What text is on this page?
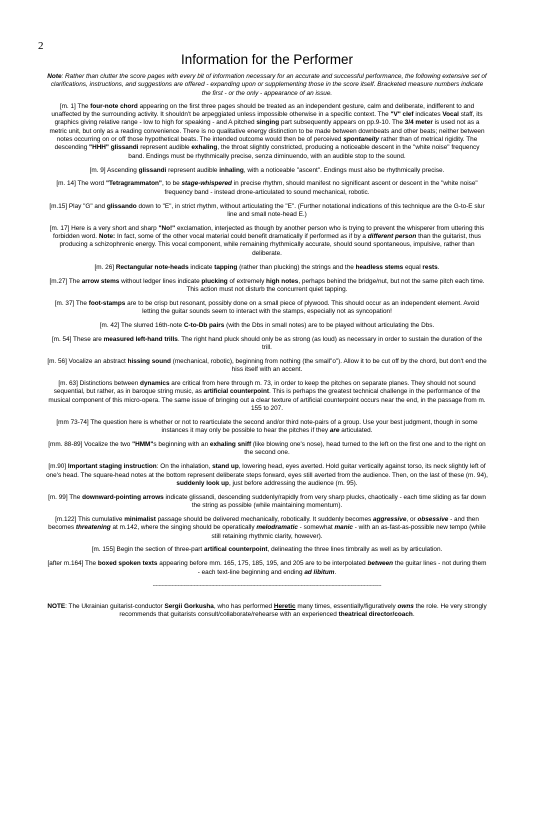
2
Information for the Performer

Note: Rather than clutter the score pages with every bit of information necessary for an accurate and successful performance, the following extensive set of clarifications, instructions, and suggestions are offered - expanding upon or supplementing those in the score itself. Bracketed measure numbers indicate the first - or the only - appearance of an issue.

[m. 1] The four-note chord appearing on the first three pages should be treated as an independent gesture, calm and deliberate, indifferent to and unaffected by the surrounding activity. It shouldn't be arpeggiated unless impossible otherwise in a specific context. The "V" clef indicates Vocal staff, its graphics giving relative range - low to high for speaking - and A pitched singing part subsequently appears on pp.9-10. The 3/4 meter is used not as a metric unit, but only as a reading convenience. There is no qualitative energy distinction to be made between downbeats and other beats; neither between notes occurring on or off those hypothetical beats. The intended outcome would then be of perceived spontaneity rather than of metrical rigidity. The descending "HHH" glissandi represent audible exhaling, the throat slightly constricted, producing a noticeable descent in the "white noise" frequency band. Endings must be rhythmically precise, senza diminuendo, with an audible stop to the sound.

[m. 9] Ascending glissandi represent audible inhaling, with a noticeable "ascent". Endings must also be rhythmically precise.

[m. 14] The word "Tetragrammaton", to be stage-whispered in precise rhythm, should manifest no significant ascent or descent in the "white noise" frequency band - instead drone-articulated to sound mechanical, robotic.

[m.15] Play "G" and glissando down to "E", in strict rhythm, without articulating the "E". (Further notational indications of this technique are the G-to-E slur line and small note-head E.)

[m. 17] Here is a very short and sharp "No!" exclamation, interjected as though by another person who is trying to prevent the whisperer from uttering this forbidden word. Note: In fact, some of the other vocal material could benefit dramatically if performed as if by a different person than the guitarist, thus producing a schizophrenic energy. This vocal component, while remaining rhythmically accurate, should sound spontaneous, impulsive, rather than deliberate.

[m. 26] Rectangular note-heads indicate tapping (rather than plucking) the strings and the headless stems equal rests.

[m.27] The arrow stems without ledger lines indicate plucking of extremely high notes, perhaps behind the bridge/nut, but not the same pitch each time. This action must not disturb the concurrent quiet tapping.

[m. 37] The foot-stamps are to be crisp but resonant, possibly done on a small piece of plywood. This should occur as an independent element. Avoid letting the guitar sounds seem to interact with the stamps, especially not as syncopation!

[m. 42] The slurred 16th-note C-to-Db pairs (with the Dbs in small notes) are to be played without articulating the Dbs.

[m. 54] These are measured left-hand trills. The right hand pluck should only be as strong (as loud) as necessary in order to sustain the duration of the trill.

[m. 56] Vocalize an abstract hissing sound (mechanical, robotic), beginning from nothing (the small"o"). Allow it to be cut off by the chord, but don't end the hiss itself with an accent.

[m. 63] Distinctions between dynamics are critical from here through m. 73, in order to keep the pitches on separate planes. They should not sound sequential, but rather, as in baroque string music, as artificial counterpoint. This is perhaps the greatest technical challenge in the performance of the musical component of this micro-opera. The same issue of bringing out a clear texture of artificial counterpoint occurs near the end, in the passage from m. 155 to 207.

[mm 73-74] The question here is whether or not to rearticulate the second and/or third note-pairs of a group. Use your best judgment, though in some instances it may only be possible to hear the pitches if they are articulated.

[mm. 88-89] Vocalize the two "HMM"s beginning with an exhaling sniff (like blowing one's nose), head turned to the left on the first one and to the right on the second one.

[m.90] Important staging instruction: On the inhalation, stand up, lowering head, eyes averted. Hold guitar vertically against torso, its neck slightly left of one's head. The square-head notes at the bottom represent deliberate steps forward, eyes still averted from the audience. Then, on the last of these (m. 94), suddenly look up, just before addressing the audience (m. 95).

[m. 99] The downward-pointing arrows indicate glissandi, descending suddenly/rapidly from very sharp plucks, chaotically - each time sliding as far down the string as possible (while maintaining momentum).

[m.122] This cumulative minimalist passage should be delivered mechanically, robotically. It suddenly becomes aggressive, or obsessive - and then becomes threatening at m.142, where the singing should be operatically melodramatic - somewhat manic - with an as-fast-as-possible new tempo (while still retaining rhythmic clarity, however).

[m. 155] Begin the section of three-part artifical counterpoint, delineating the three lines timbrally as well as by articulation.

[after m.164] The boxed spoken texts appearing before mm. 165, 175, 185, 195, and 205 are to be interpolated between the guitar lines - not during them - each text-line beginning and ending ad libitum.

------------------------------------------------------------------------------------------------------------------------------------------------------------

NOTE: The Ukrainian guitarist-conductor Sergii Gorkusha, who has performed Heretic many times, essentially/figuratively owns the role. He very strongly recommends that guitarists consult/collaborate/rehearse with an experienced theatrical director/coach.
